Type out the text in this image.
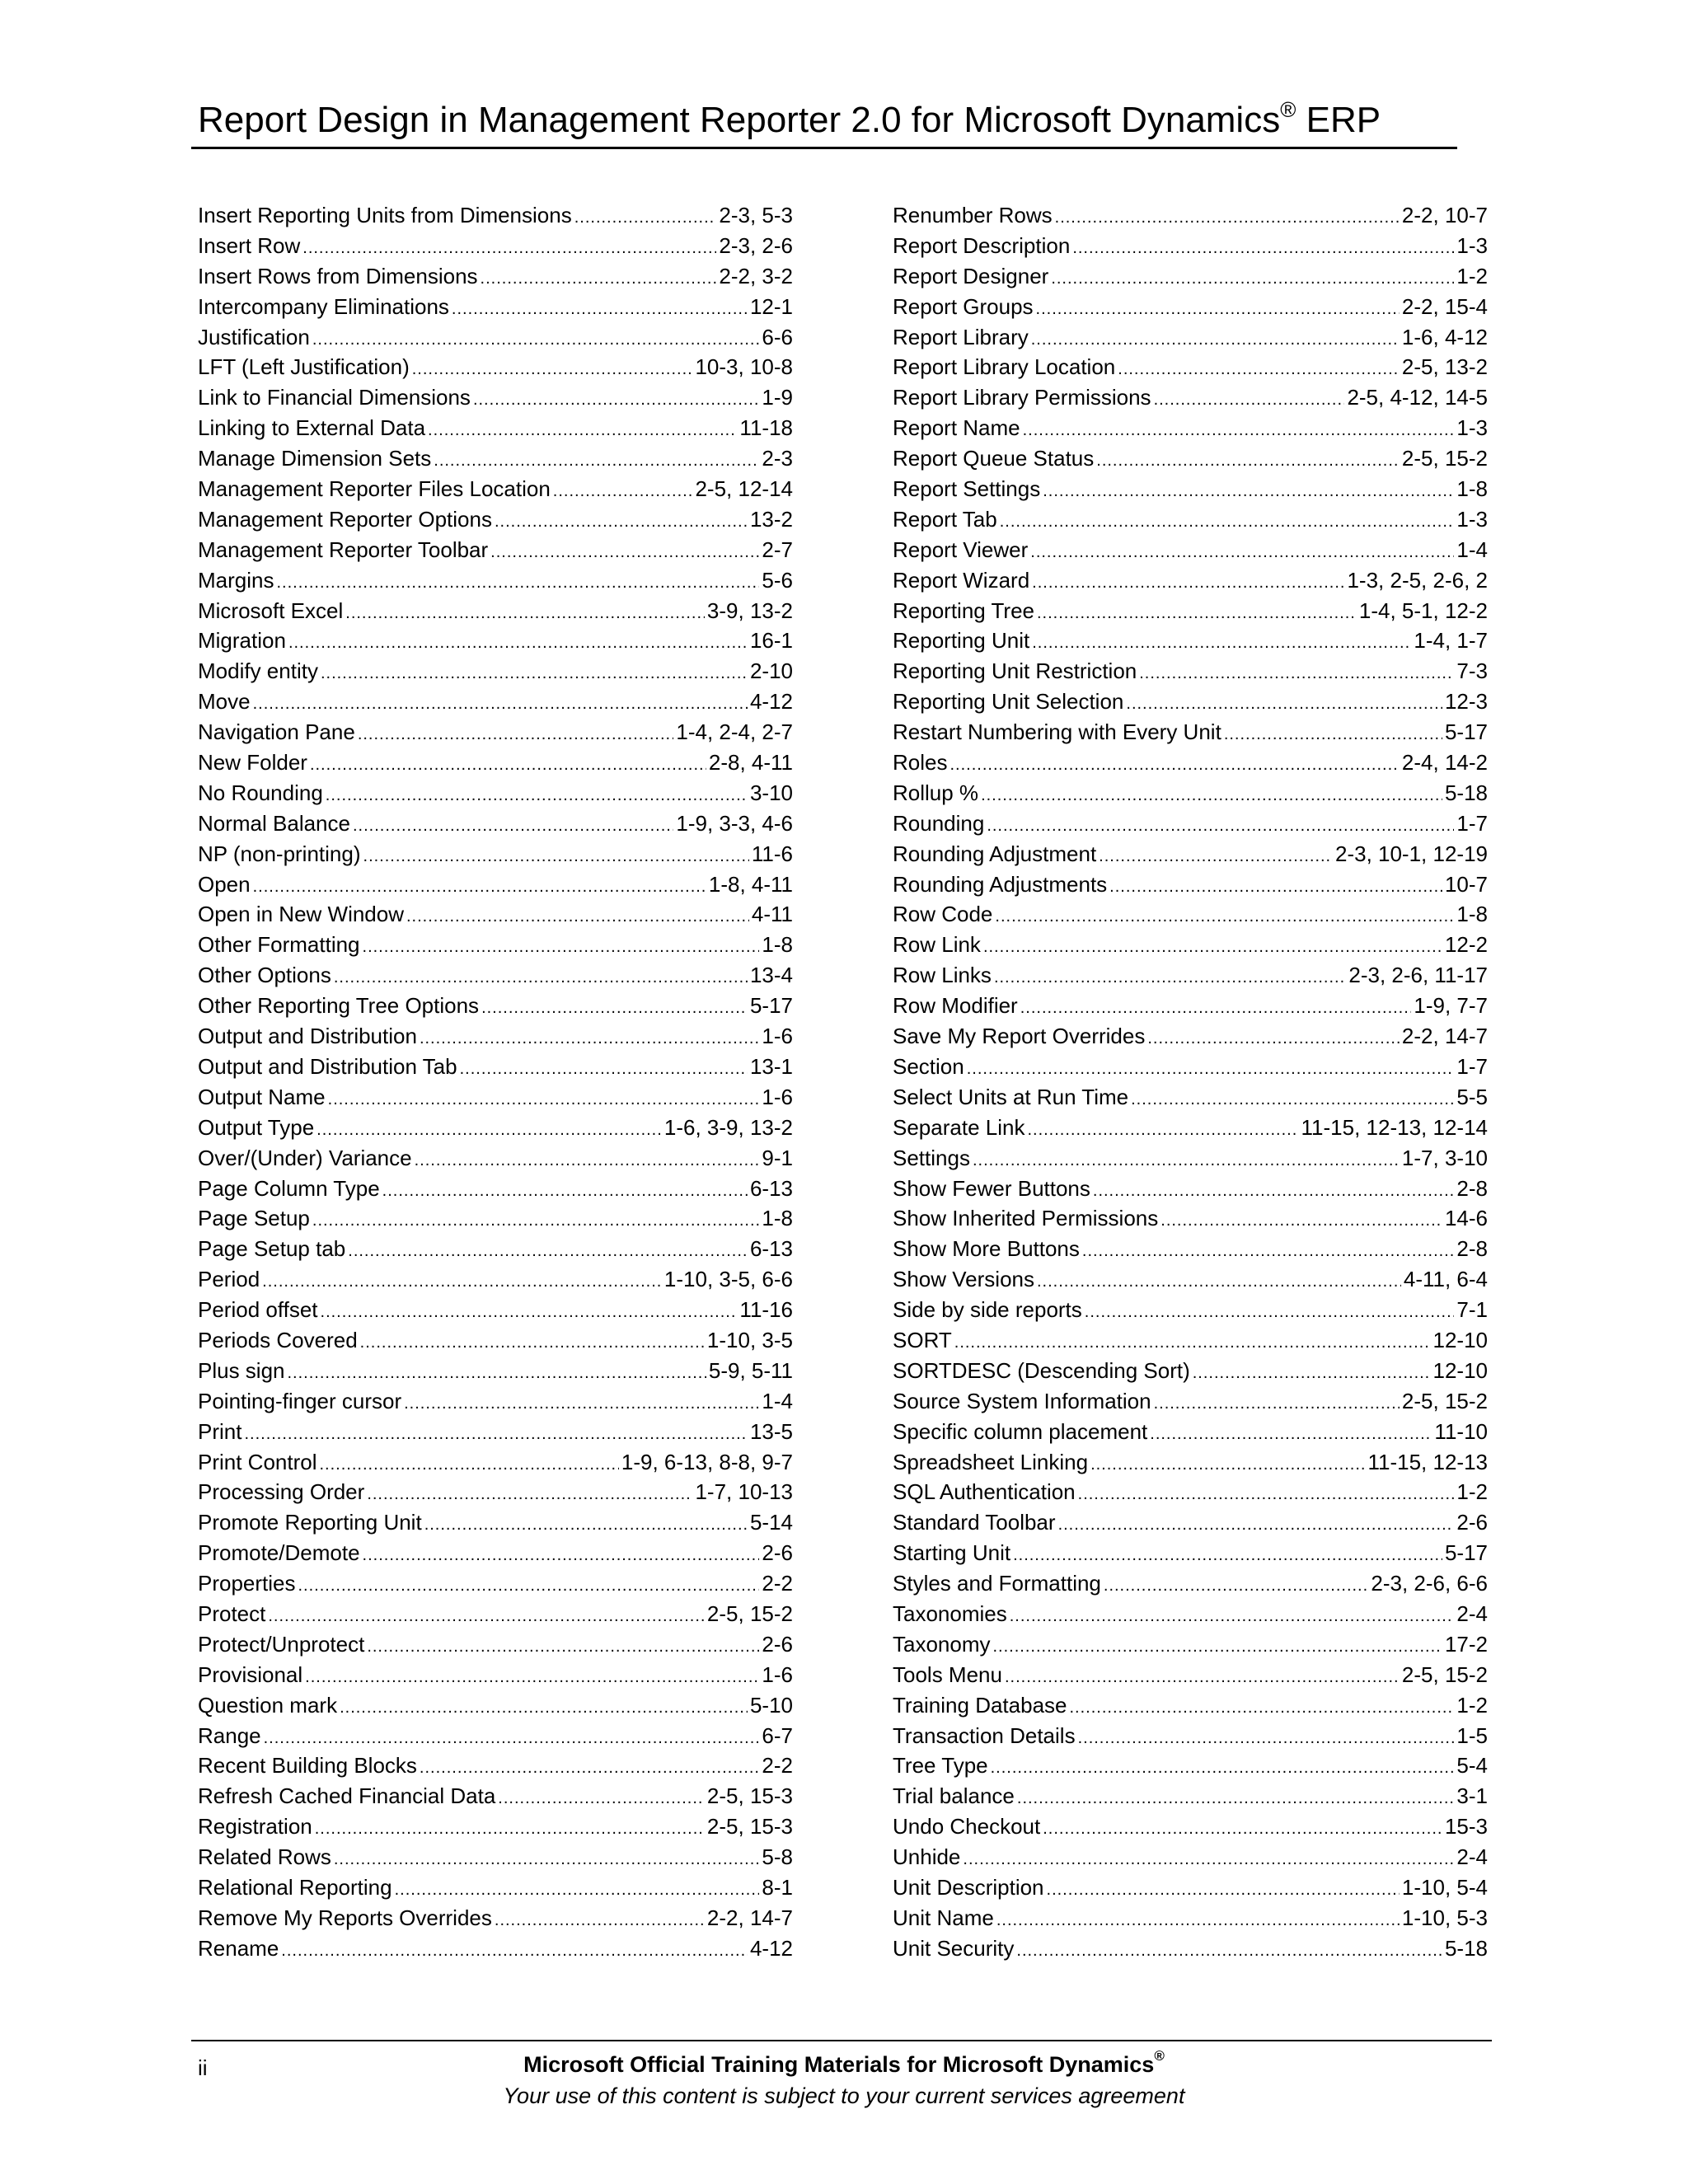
Report Design in Management Reporter 2.0 for Microsoft Dynamics® ERP
Insert Reporting Units from Dimensions .....	2-3, 5-3
Insert Row .....	2-3, 2-6
Insert Rows from Dimensions .....	2-2, 3-2
Intercompany Eliminations .....	12-1
Justification .....	6-6
LFT (Left Justification) .....	10-3, 10-8
Link to Financial Dimensions .....	1-9
Linking to External Data .....	11-18
Manage Dimension Sets .....	2-3
Management Reporter Files Location .....	2-5, 12-14
Management Reporter Options .....	13-2
Management Reporter Toolbar .....	2-7
Margins .....	5-6
Microsoft Excel .....	3-9, 13-2
Migration .....	16-1
Modify entity .....	2-10
Move .....	4-12
Navigation Pane .....	1-4, 2-4, 2-7
New Folder .....	2-8, 4-11
No Rounding .....	3-10
Normal Balance .....	1-9, 3-3, 4-6
NP (non-printing) .....	11-6
Open .....	1-8, 4-11
Open in New Window .....	4-11
Other Formatting .....	1-8
Other Options .....	13-4
Other Reporting Tree Options .....	5-17
Output and Distribution .....	1-6
Output and Distribution Tab .....	13-1
Output Name .....	1-6
Output Type .....	1-6, 3-9, 13-2
Over/(Under) Variance .....	9-1
Page Column Type .....	6-13
Page Setup .....	1-8
Page Setup tab .....	6-13
Period .....	1-10, 3-5, 6-6
Period offset .....	11-16
Periods Covered .....	1-10, 3-5
Plus sign .....	5-9, 5-11
Pointing-finger cursor .....	1-4
Print .....	13-5
Print Control .....	1-9, 6-13, 8-8, 9-7
Processing Order .....	1-7, 10-13
Promote Reporting Unit .....	5-14
Promote/Demote .....	2-6
Properties .....	2-2
Protect .....	2-5, 15-2
Protect/Unprotect .....	2-6
Provisional .....	1-6
Question mark .....	5-10
Range .....	6-7
Recent Building Blocks .....	2-2
Refresh Cached Financial Data .....	2-5, 15-3
Registration .....	2-5, 15-3
Related Rows .....	5-8
Relational Reporting .....	8-1
Remove My Reports Overrides .....	2-2, 14-7
Rename .....	4-12
Renumber Rows .....	2-2, 10-7
Report Description .....	1-3
Report Designer .....	1-2
Report Groups .....	2-2, 15-4
Report Library .....	1-6, 4-12
Report Library Location .....	2-5, 13-2
Report Library Permissions .....	2-5, 4-12, 14-5
Report Name .....	1-3
Report Queue Status .....	2-5, 15-2
Report Settings .....	1-8
Report Tab .....	1-3
Report Viewer .....	1-4
Report Wizard .....	1-3, 2-5, 2-6, 2
Reporting Tree .....	1-4, 5-1, 12-2
Reporting Unit .....	1-4, 1-7
Reporting Unit Restriction .....	7-3
Reporting Unit Selection .....	12-3
Restart Numbering with Every Unit .....	5-17
Roles .....	2-4, 14-2
Rollup % .....	5-18
Rounding .....	1-7
Rounding Adjustment .....	2-3, 10-1, 12-19
Rounding Adjustments .....	10-7
Row Code .....	1-8
Row Link .....	12-2
Row Links .....	2-3, 2-6, 11-17
Row Modifier .....	1-9, 7-7
Save My Report Overrides .....	2-2, 14-7
Section .....	1-7
Select Units at Run Time .....	5-5
Separate Link .....	11-15, 12-13, 12-14
Settings .....	1-7, 3-10
Show Fewer Buttons .....	2-8
Show Inherited Permissions .....	14-6
Show More Buttons .....	2-8
Show Versions .....	4-11, 6-4
Side by side reports .....	7-1
SORT .....	12-10
SORTDESC (Descending Sort) .....	12-10
Source System Information .....	2-5, 15-2
Specific column placement .....	11-10
Spreadsheet Linking .....	11-15, 12-13
SQL Authentication .....	1-2
Standard Toolbar .....	2-6
Starting Unit .....	5-17
Styles and Formatting .....	2-3, 2-6, 6-6
Taxonomies .....	2-4
Taxonomy .....	17-2
Tools Menu .....	2-5, 15-2
Training Database .....	1-2
Transaction Details .....	1-5
Tree Type .....	5-4
Trial balance .....	3-1
Undo Checkout .....	15-3
Unhide .....	2-4
Unit Description .....	1-10, 5-4
Unit Name .....	1-10, 5-3
Unit Security .....	5-18
ii	Microsoft Official Training Materials for Microsoft Dynamics®
Your use of this content is subject to your current services agreement
